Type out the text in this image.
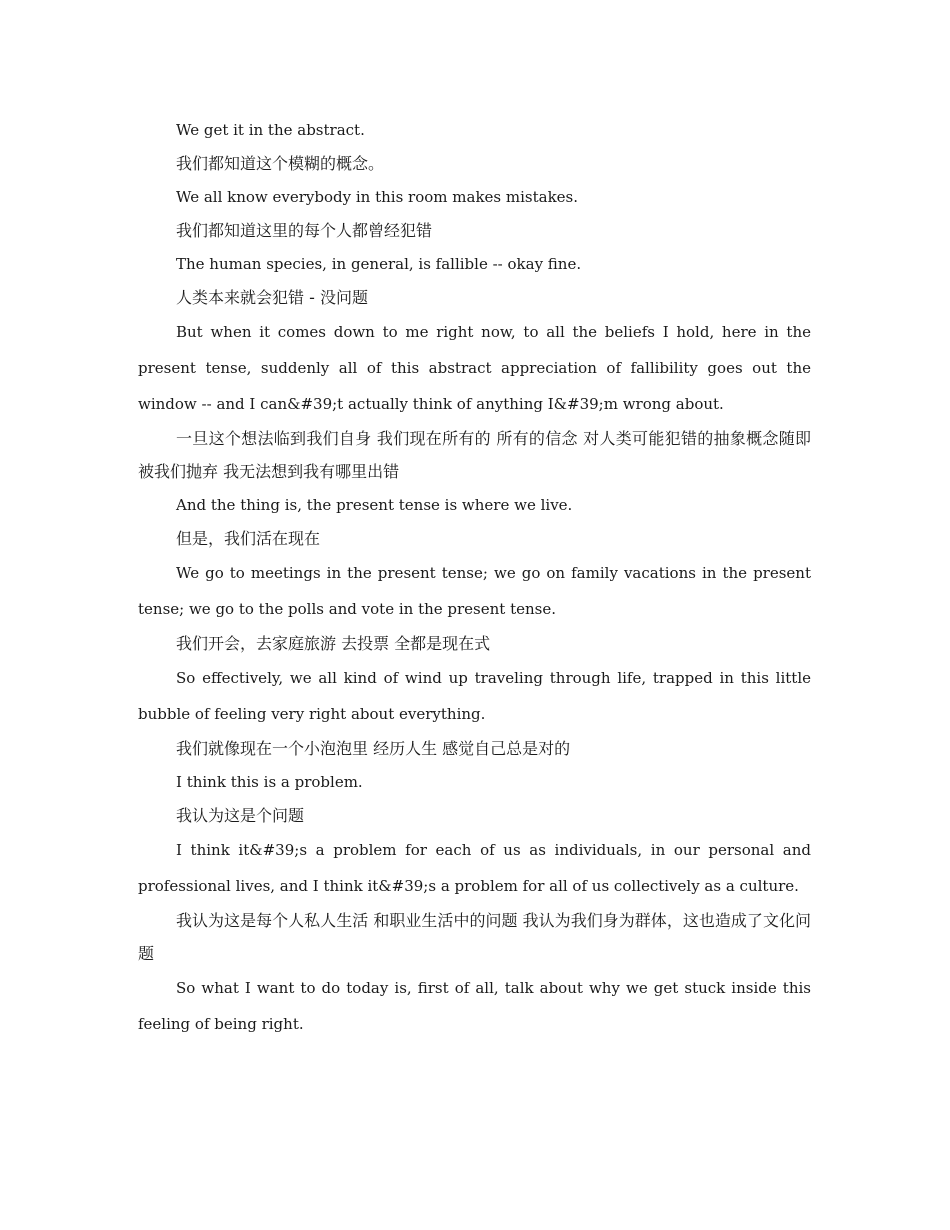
We get it in the abstract.

我们都知道这个模糊的概念。

We all know everybody in this room makes mistakes.

我们都知道这里的每个人都曾经犯错

The human species, in general, is fallible -- okay fine.

人类本来就会犯错 - 没问题

But when it comes down to me right now, to all the beliefs I hold, here in the present tense, suddenly all of this abstract appreciation of fallibility goes out the window -- and I can&#39;t actually think of anything I&#39;m wrong about.

一旦这个想法临到我们自身 我们现在所有的 所有的信念 对人类可能犯错的抽象概念随即被我们抛弃 我无法想到我有哪里出错

And the thing is, the present tense is where we live.

但是，我们活在现在

We go to meetings in the present tense; we go on family vacations in the present tense; we go to the polls and vote in the present tense.

我们开会，去家庭旅游 去投票 全都是现在式

So effectively, we all kind of wind up traveling through life, trapped in this little bubble of feeling very right about everything.

我们就像现在一个小泡泡里 经历人生 感觉自己总是对的

I think this is a problem.

我认为这是个问题

I think it&#39;s a problem for each of us as individuals, in our personal and professional lives, and I think it&#39;s a problem for all of us collectively as a culture.

我认为这是每个人私人生活 和职业生活中的问题 我认为我们身为群体，这也造成了文化问题

So what I want to do today is, first of all, talk about why we get stuck inside this feeling of being right.
